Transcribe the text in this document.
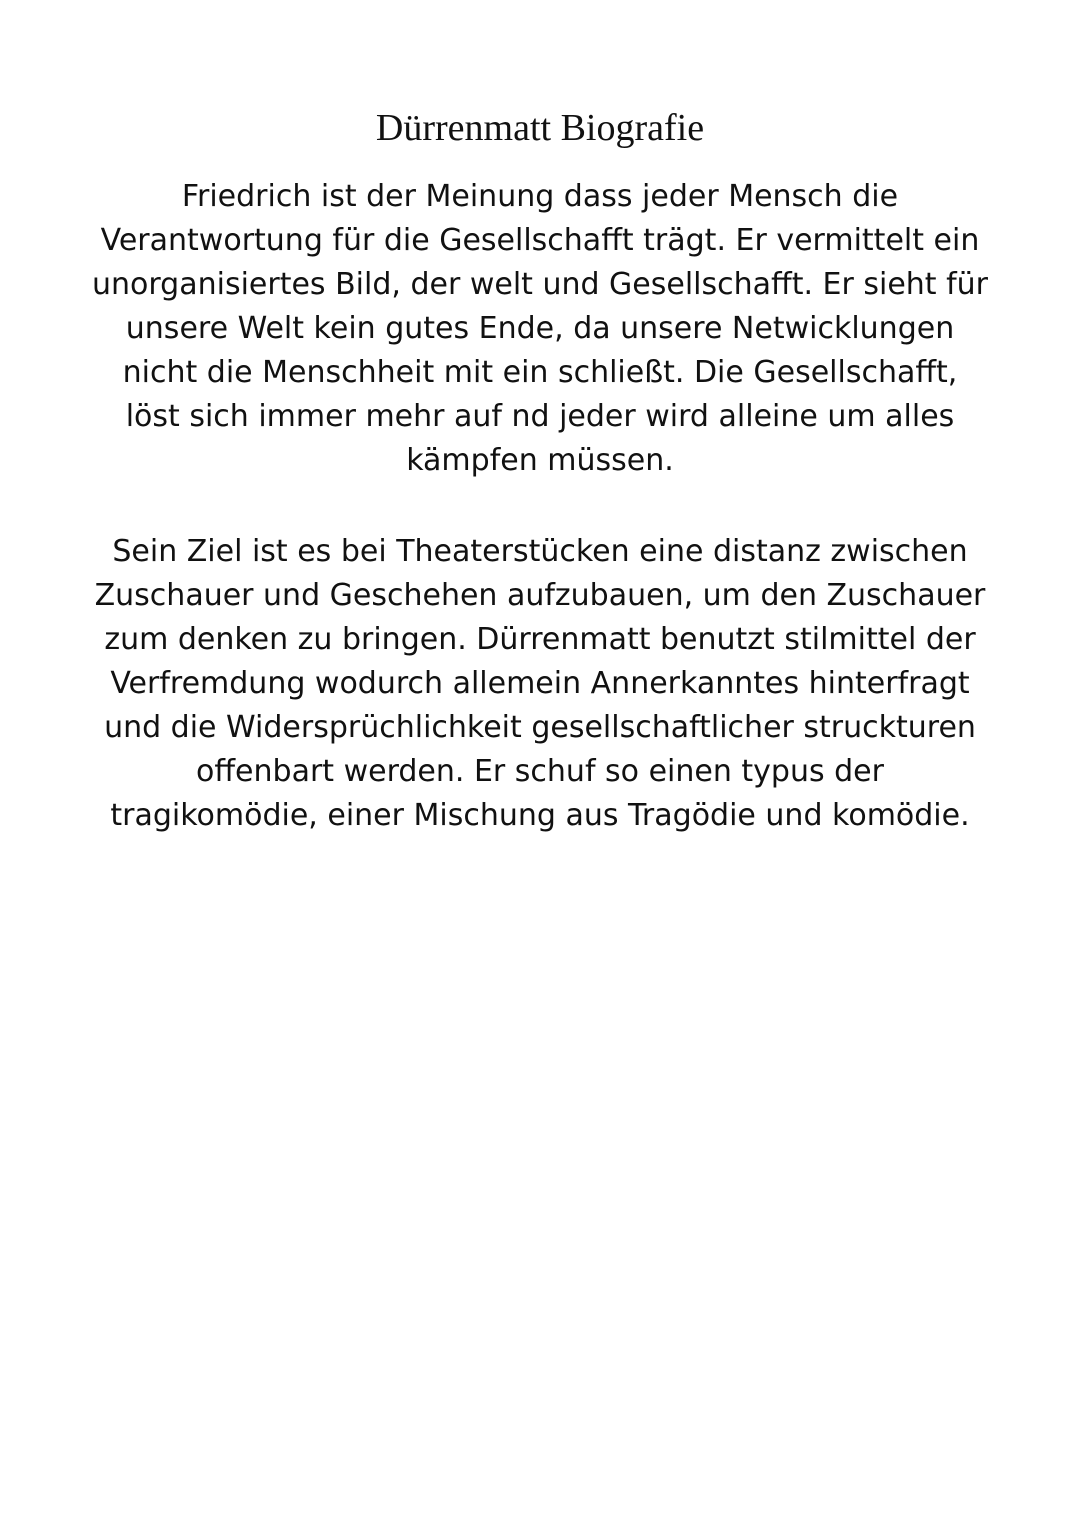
Dürrenmatt Biografie
Friedrich ist der Meinung dass jeder Mensch die
Verantwortung für die Gesellschafft trägt. Er vermittelt ein
unorganisiertes Bild, der welt und Gesellschafft. Er sieht für
unsere Welt kein gutes Ende, da unsere Netwicklungen
nicht die Menschheit mit ein schließt. Die Gesellschafft,
löst sich immer mehr auf nd jeder wird alleine um alles
kämpfen müssen.
Sein Ziel ist es bei Theaterstücken eine distanz zwischen
Zuschauer und Geschehen aufzubauen, um den Zuschauer
zum denken zu bringen. Dürrenmatt benutzt stilmittel der
Verfremdung wodurch allemein Annerkanntes hinterfragt
und die Widersprüchlichkeit gesellschaftlicher struckturen
offenbart werden. Er schuf so einen typus der
tragikomödie, einer Mischung aus Tragödie und komödie.
